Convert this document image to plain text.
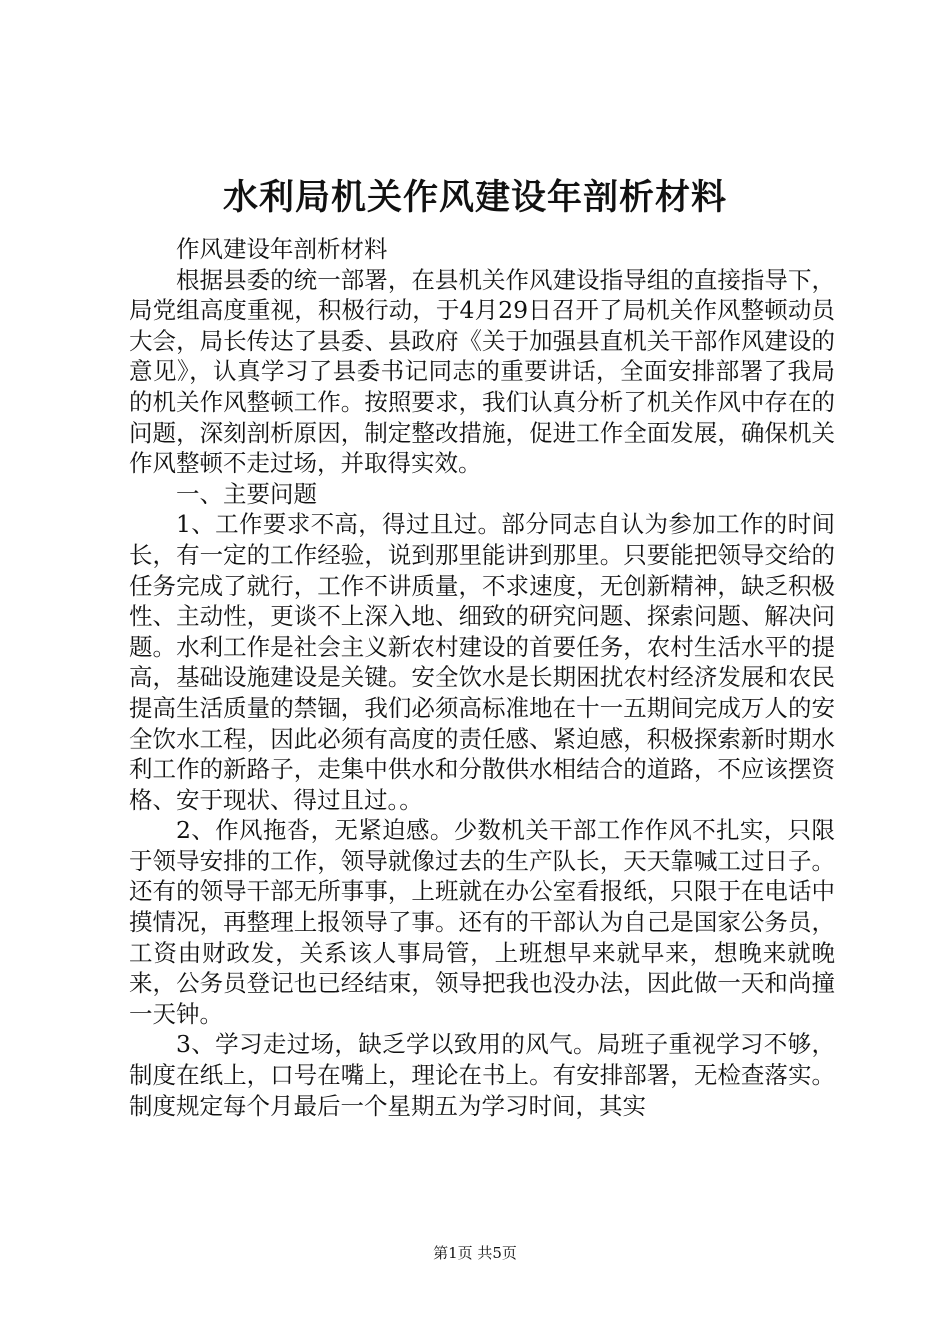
水利局机关作风建设年剖析材料

作风建设年剖析材料

根据县委的统一部署，在县机关作风建设指导组的直接指导下，局党组高度重视，积极行动，于4月29日召开了局机关作风整顿动员大会，局长传达了县委、县政府《关于加强县直机关干部作风建设的意见》，认真学习了县委书记同志的重要讲话，全面安排部署了我局的机关作风整顿工作。按照要求，我们认真分析了机关作风中存在的问题，深刻剖析原因，制定整改措施，促进工作全面发展，确保机关作风整顿不走过场，并取得实效。

一、主要问题

1、工作要求不高，得过且过。部分同志自认为参加工作的时间长，有一定的工作经验，说到那里能讲到那里。只要能把领导交给的任务完成了就行，工作不讲质量，不求速度，无创新精神，缺乏积极性、主动性，更谈不上深入地、细致的研究问题、探索问题、解决问题。水利工作是社会主义新农村建设的首要任务，农村生活水平的提高，基础设施建设是关键。安全饮水是长期困扰农村经济发展和农民提高生活质量的禁锢，我们必须高标准地在十一五期间完成万人的安全饮水工程，因此必须有高度的责任感、紧迫感，积极探索新时期水利工作的新路子，走集中供水和分散供水相结合的道路，不应该摆资格、安于现状、得过且过。。

2、作风拖沓，无紧迫感。少数机关干部工作作风不扎实，只限于领导安排的工作，领导就像过去的生产队长，天天靠喊工过日子。还有的领导干部无所事事，上班就在办公室看报纸，只限于在电话中摸情况，再整理上报领导了事。还有的干部认为自己是国家公务员，工资由财政发，关系该人事局管，上班想早来就早来，想晚来就晚来，公务员登记也已经结束，领导把我也没办法，因此做一天和尚撞一天钟。

3、学习走过场，缺乏学以致用的风气。局班子重视学习不够，制度在纸上，口号在嘴上，理论在书上。有安排部署，无检查落实。制度规定每个月最后一个星期五为学习时间，其实

第1页 共5页
